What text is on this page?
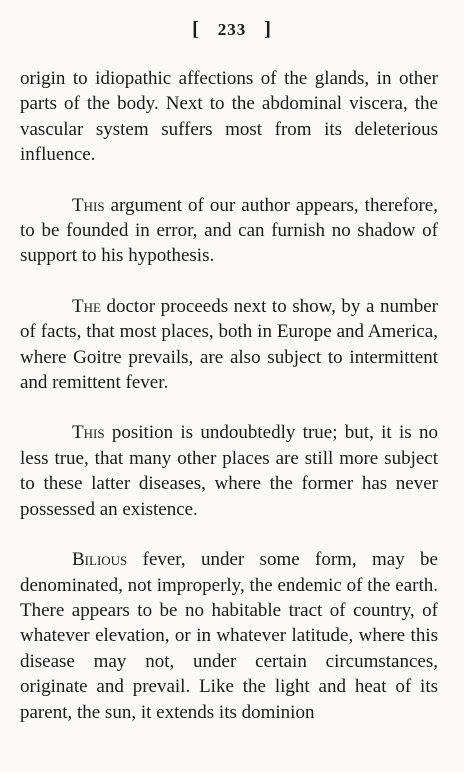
[ 233 ]

origin to idiopathic affections of the glands, in other parts of the body. Next to the abdominal viscera, the vascular system suffers most from its deleterious influence.

This argument of our author appears, therefore, to be founded in error, and can furnish no shadow of support to his hypothesis.

The doctor proceeds next to show, by a number of facts, that most places, both in Europe and America, where Goitre prevails, are also subject to intermittent and remittent fever.

This position is undoubtedly true; but, it is no less true, that many other places are still more subject to these latter diseases, where the former has never possessed an existence.

Bilious fever, under some form, may be denominated, not improperly, the endemic of the earth. There appears to be no habitable tract of country, of whatever elevation, or in whatever latitude, where this disease may not, under certain circumstances, originate and prevail. Like the light and heat of its parent, the sun, it extends its dominion
